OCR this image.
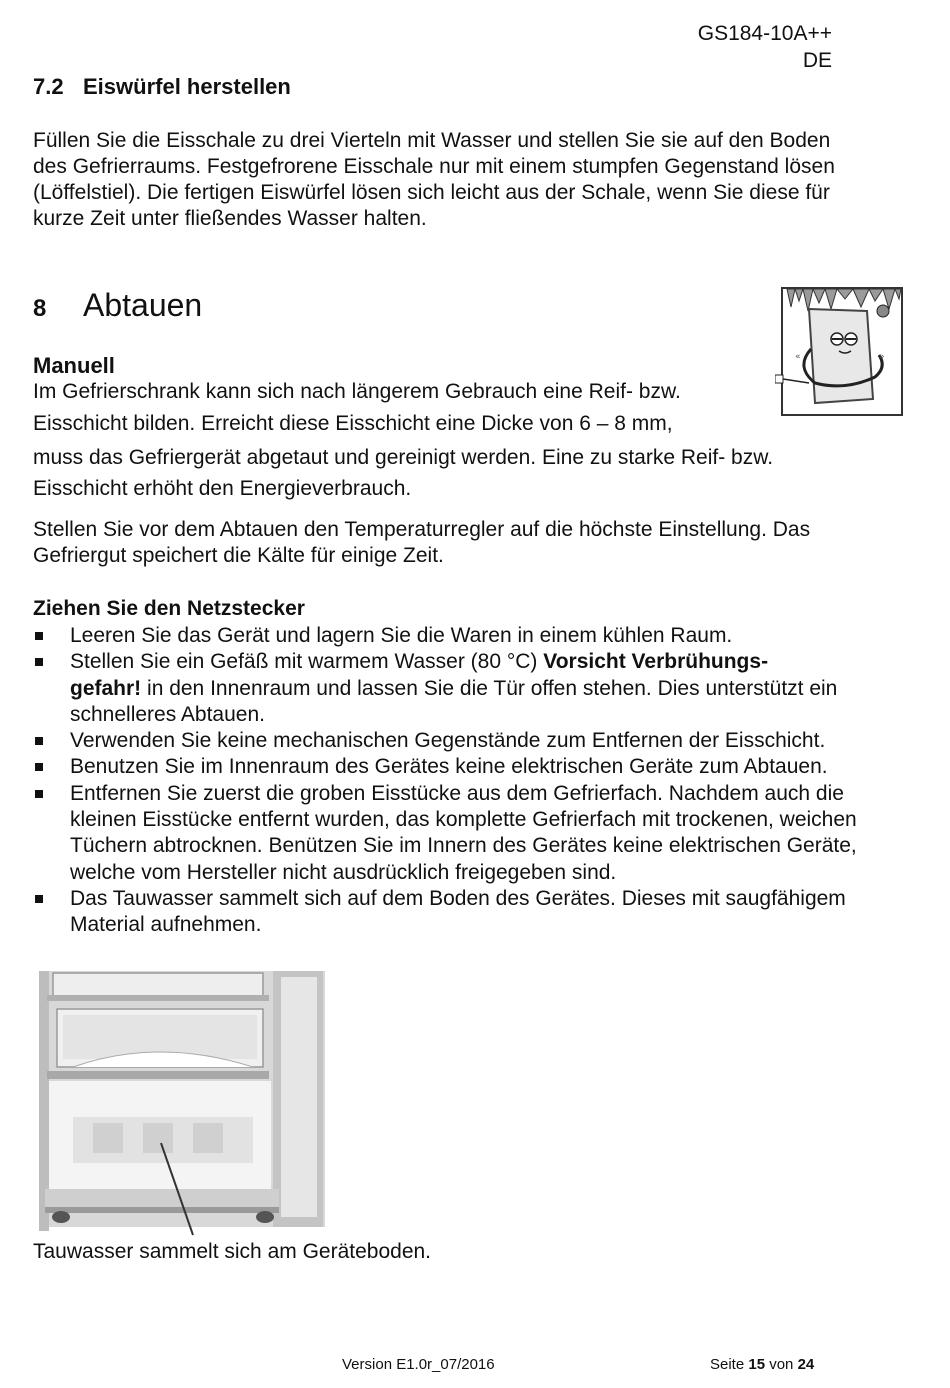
GS184-10A++
DE
7.2 Eiswürfel herstellen
Füllen Sie die Eisschale zu drei Vierteln mit Wasser und stellen Sie sie auf den Boden
des Gefrierraums. Festgefrorene Eisschale nur mit einem stumpfen Gegenstand lösen
(Löffelstiel). Die fertigen Eiswürfel lösen sich leicht aus der Schale, wenn Sie diese für
kurze Zeit unter fließendes Wasser halten.
8 Abtauen
«	»
Manuell
Im Gefrierschrank kann sich nach längerem Gebrauch eine Reif- bzw.
Eisschicht bilden. Erreicht diese Eisschicht eine Dicke von 6 – 8 mm,
muss das Gefriergerät abgetaut und gereinigt werden. Eine zu starke Reif- bzw.
Eisschicht erhöht den Energieverbrauch.
Stellen Sie vor dem Abtauen den Temperaturregler auf die höchste Einstellung. Das
Gefriergut speichert die Kälte für einige Zeit.
Ziehen Sie den Netzstecker
Leeren Sie das Gerät und lagern Sie die Waren in einem kühlen Raum.
Stellen Sie ein Gefäß mit warmem Wasser (80 °C) Vorsicht Verbrühungs-
gefahr! in den Innenraum und lassen Sie die Tür offen stehen. Dies unterstützt ein schnelleres Abtauen.
Verwenden Sie keine mechanischen Gegenstände zum Entfernen der Eisschicht.
Benutzen Sie im Innenraum des Gerätes keine elektrischen Geräte zum Abtauen.
Entfernen Sie zuerst die groben Eisstücke aus dem Gefrierfach. Nachdem auch die kleinen Eisstücke entfernt wurden, das komplette Gefrierfach mit trockenen, weichen Tüchern abtrocknen. Benützen Sie im Innern des Gerätes keine elektrischen Geräte, welche vom Hersteller nicht ausdrücklich freigegeben sind.
Das Tauwasser sammelt sich auf dem Boden des Gerätes. Dieses mit saugfähigem Material aufnehmen.
Tauwasser sammelt sich am Geräteboden.
Version E1.0r_07/2016	Seite 15 von 24
